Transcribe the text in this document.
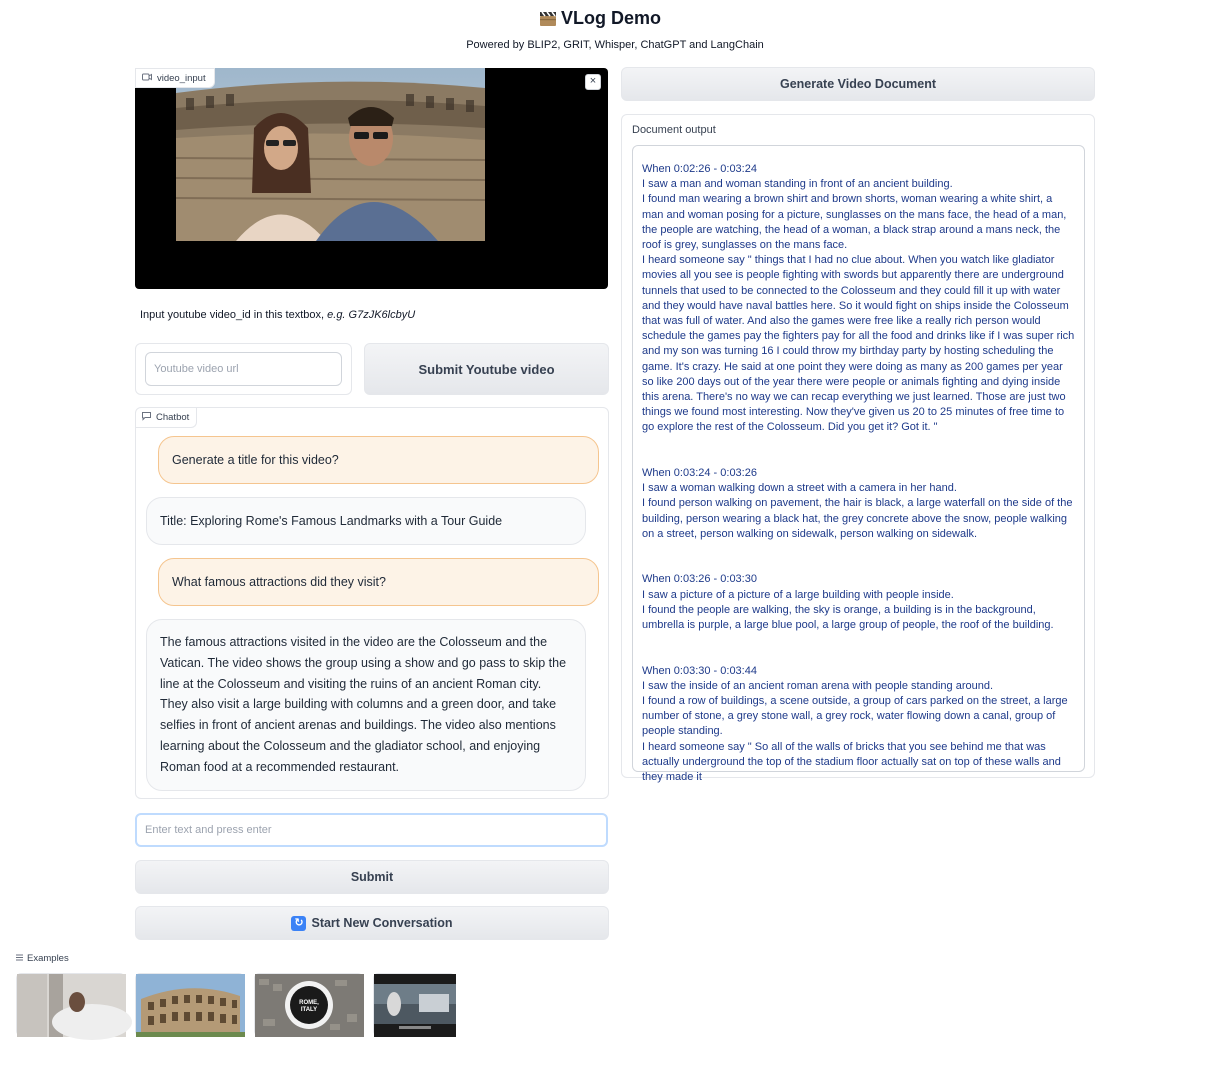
VLog Demo
Powered by BLIP2, GRIT, Whisper, ChatGPT and LangChain
video_input	×
Input youtube video_id in this textbox, e.g. G7zJK6lcbyU
Youtube video url	Submit Youtube video
Chatbot
Generate a title for this video?
Title: Exploring Rome's Famous Landmarks with a Tour Guide
What famous attractions did they visit?
The famous attractions visited in the video are the Colosseum and the Vatican. The video shows the group using a show and go pass to skip the line at the Colosseum and visiting the ruins of an ancient Roman city. They also visit a large building with columns and a green door, and take selfies in front of ancient arenas and buildings. The video also mentions learning about the Colosseum and the gladiator school, and enjoying Roman food at a recommended restaurant.
Enter text and press enter
Submit
↻ Start New Conversation
Examples
ROME,
ITALY
Generate Video Document
Document output
When 0:02:26 - 0:03:24
I saw a man and woman standing in front of an ancient building.
I found man wearing a brown shirt and brown shorts, woman wearing a white shirt, a man and woman posing for a picture, sunglasses on the mans face, the head of a man, the people are watching, the head of a woman, a black strap around a mans neck, the roof is grey, sunglasses on the mans face.
I heard someone say " things that I had no clue about. When you watch like gladiator movies all you see is people fighting with swords but apparently there are underground tunnels that used to be connected to the Colosseum and they could fill it up with water and they would have naval battles here. So it would fight on ships inside the Colosseum that was full of water. And also the games were free like a really rich person would schedule the games pay the fighters pay for all the food and drinks like if I was super rich and my son was turning 16 I could throw my birthday party by hosting scheduling the game. It's crazy. He said at one point they were doing as many as 200 games per year so like 200 days out of the year there were people or animals fighting and dying inside this arena. There's no way we can recap everything we just learned. Those are just two things we found most interesting. Now they've given us 20 to 25 minutes of free time to go explore the rest of the Colosseum. Did you get it? Got it. "
When 0:03:24 - 0:03:26
I saw a woman walking down a street with a camera in her hand.
I found person walking on pavement, the hair is black, a large waterfall on the side of the building, person wearing a black hat, the grey concrete above the snow, people walking on a street, person walking on sidewalk, person walking on sidewalk.
When 0:03:26 - 0:03:30
I saw a picture of a picture of a large building with people inside.
I found the people are walking, the sky is orange, a building is in the background, umbrella is purple, a large blue pool, a large group of people, the roof of the building.
When 0:03:30 - 0:03:44
I saw the inside of an ancient roman arena with people standing around.
I found a row of buildings, a scene outside, a group of cars parked on the street, a large number of stone, a grey stone wall, a grey rock, water flowing down a canal, group of people standing.
I heard someone say " So all of the walls of bricks that you see behind me that was actually underground the top of the stadium floor actually sat on top of these walls and they made it
